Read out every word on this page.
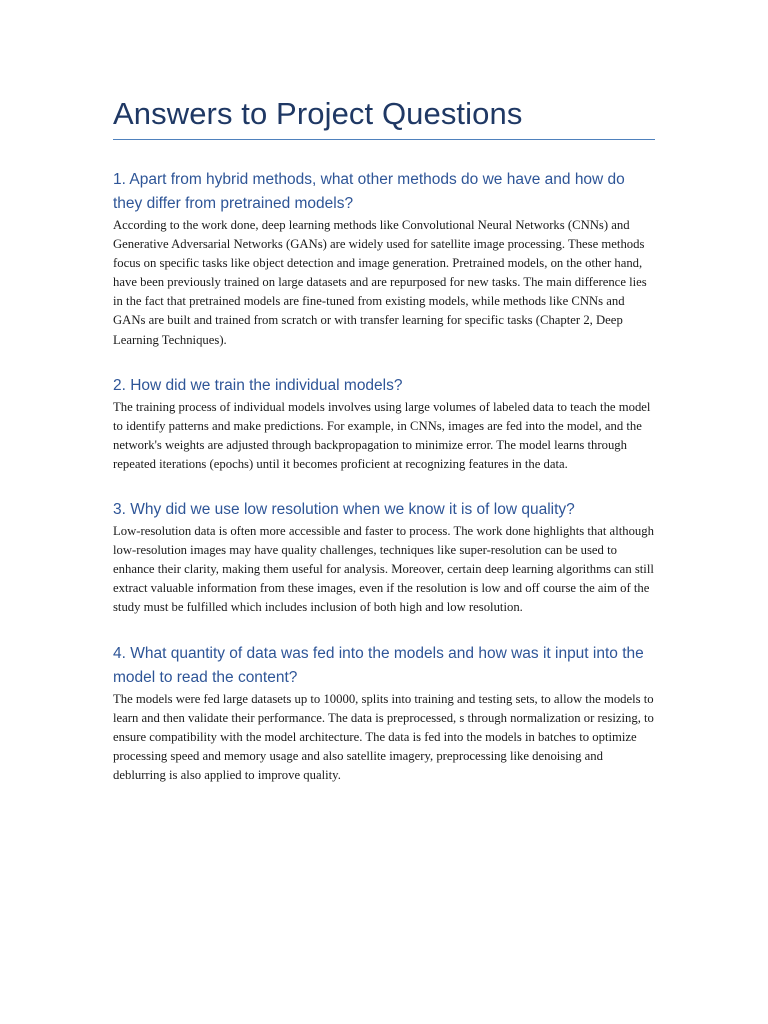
Answers to Project Questions
1. Apart from hybrid methods, what other methods do we have and how do they differ from pretrained models?

According to the work done, deep learning methods like Convolutional Neural Networks (CNNs) and Generative Adversarial Networks (GANs) are widely used for satellite image processing. These methods focus on specific tasks like object detection and image generation. Pretrained models, on the other hand, have been previously trained on large datasets and are repurposed for new tasks. The main difference lies in the fact that pretrained models are fine-tuned from existing models, while methods like CNNs and GANs are built and trained from scratch or with transfer learning for specific tasks (Chapter 2, Deep Learning Techniques).

2. How did we train the individual models?

The training process of individual models involves using large volumes of labeled data to teach the model to identify patterns and make predictions. For example, in CNNs, images are fed into the model, and the network's weights are adjusted through backpropagation to minimize error. The model learns through repeated iterations (epochs) until it becomes proficient at recognizing features in the data.

3. Why did we use low resolution when we know it is of low quality?

Low-resolution data is often more accessible and faster to process. The work done highlights that although low-resolution images may have quality challenges, techniques like super-resolution can be used to enhance their clarity, making them useful for analysis. Moreover, certain deep learning algorithms can still extract valuable information from these images, even if the resolution is low and off course the aim of the study must be fulfilled which includes inclusion of both high and low resolution.

4. What quantity of data was fed into the models and how was it input into the model to read the content?

The models were fed large datasets up to 10000, splits into training and testing sets, to allow the models to learn and then validate their performance. The data is preprocessed, s through normalization or resizing, to ensure compatibility with the model architecture. The data is fed into the models in batches to optimize processing speed and memory usage and also satellite imagery, preprocessing like denoising and deblurring is also applied to improve quality.
